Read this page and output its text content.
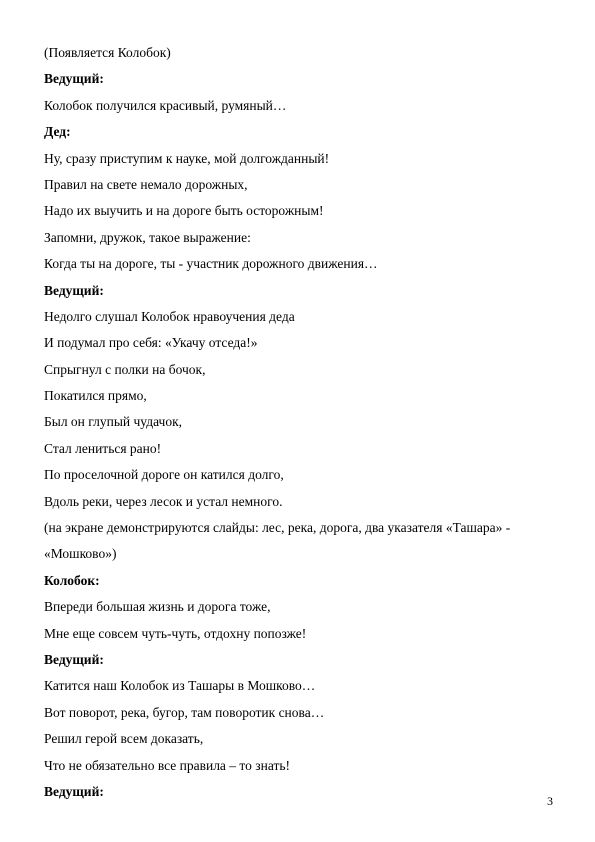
(Появляется Колобок)
Ведущий:
Колобок получился красивый, румяный…
Дед:
Ну, сразу приступим к науке, мой долгожданный!
Правил на свете немало дорожных,
Надо их выучить и на дороге быть осторожным!
Запомни, дружок, такое выражение:
Когда ты на дороге, ты - участник дорожного движения…
Ведущий:
Недолго слушал Колобок нравоучения деда
И подумал про себя: «Укачу отседа!»
Спрыгнул с полки на бочок,
Покатился прямо,
Был он глупый чудачок,
Стал лениться рано!
По проселочной дороге он катился долго,
Вдоль реки, через лесок и устал немного.
(на экране демонстрируются слайды: лес, река, дорога, два указателя «Ташара» -
«Мошково»)
Колобок:
Впереди большая жизнь и дорога тоже,
Мне еще совсем чуть-чуть, отдохну попозже!
Ведущий:
Катится наш Колобок из Ташары в Мошково…
Вот поворот, река, бугор, там поворотик снова…
Решил герой всем доказать,
Что не обязательно все правила – то знать!
Ведущий:
3
